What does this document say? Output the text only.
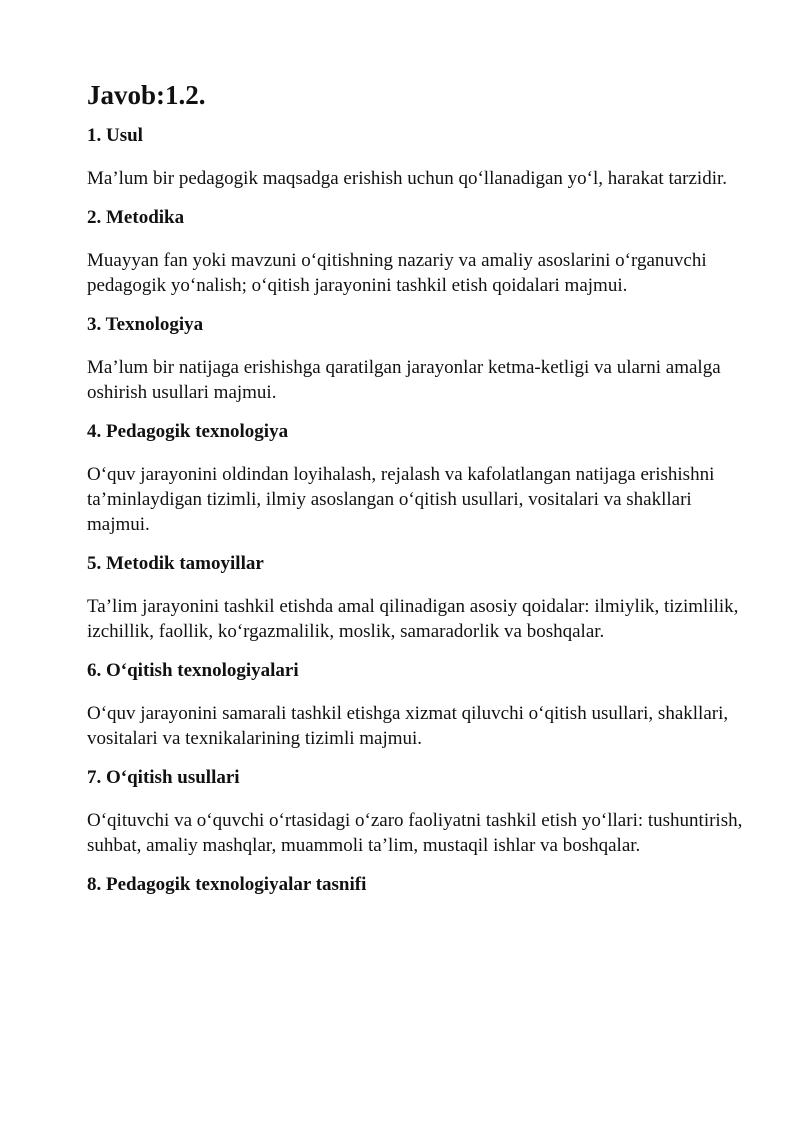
Javob:1.2.
1. Usul

Ma’lum bir pedagogik maqsadga erishish uchun qo‘llanadigan yo‘l, harakat tarzidir.

2. Metodika

Muayyan fan yoki mavzuni o‘qitishning nazariy va amaliy asoslarini o‘rganuvchi pedagogik yo‘nalish; o‘qitish jarayonini tashkil etish qoidalari majmui.

3. Texnologiya

Ma’lum bir natijaga erishishga qaratilgan jarayonlar ketma-ketligi va ularni amalga oshirish usullari majmui.

4. Pedagogik texnologiya

O‘quv jarayonini oldindan loyihalash, rejalash va kafolatlangan natijaga erishishni ta’minlaydigan tizimli, ilmiy asoslangan o‘qitish usullari, vositalari va shakllari majmui.

5. Metodik tamoyillar

Ta’lim jarayonini tashkil etishda amal qilinadigan asosiy qoidalar: ilmiylik, tizimlilik, izchillik, faollik, ko‘rgazmalilik, moslik, samaradorlik va boshqalar.

6. O‘qitish texnologiyalari

O‘quv jarayonini samarali tashkil etishga xizmat qiluvchi o‘qitish usullari, shakllari, vositalari va texnikalarining tizimli majmui.

7. O‘qitish usullari

O‘qituvchi va o‘quvchi o‘rtasidagi o‘zaro faoliyatni tashkil etish yo‘llari: tushuntirish, suhbat, amaliy mashqlar, muammoli ta’lim, mustaqil ishlar va boshqalar.

8. Pedagogik texnologiyalar tasnifi
